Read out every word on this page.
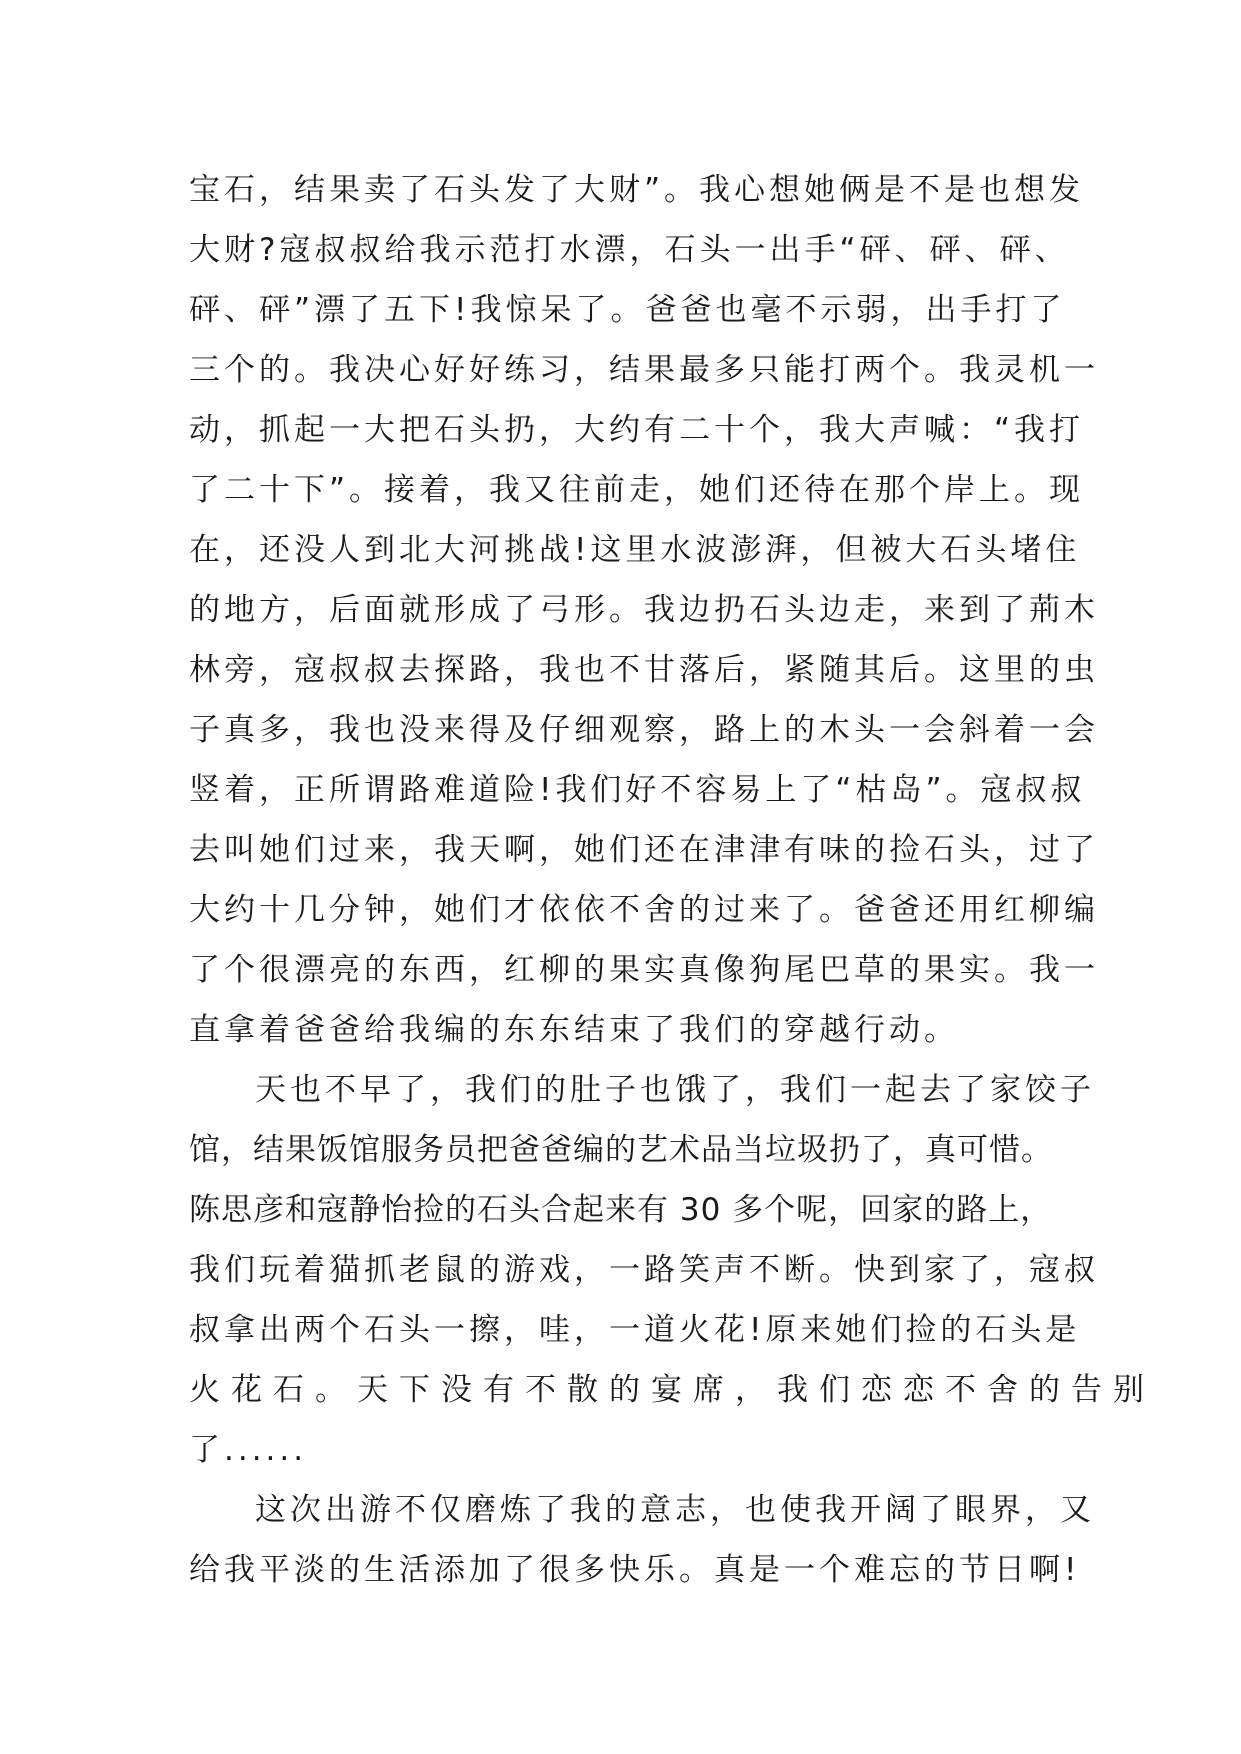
宝石，结果卖了石头发了大财”。我心想她俩是不是也想发
大财?寇叔叔给我示范打水漂，石头一出手“砰、砰、砰、
砰、砰”漂了五下!我惊呆了。爸爸也毫不示弱，出手打了
三个的。我决心好好练习，结果最多只能打两个。我灵机一
动，抓起一大把石头扔，大约有二十个，我大声喊：“我打
了二十下”。接着，我又往前走，她们还待在那个岸上。现
在，还没人到北大河挑战!这里水波澎湃，但被大石头堵住
的地方，后面就形成了弓形。我边扔石头边走，来到了荊木
林旁，寇叔叔去探路，我也不甘落后，紧随其后。这里的虫
子真多，我也没来得及仔细观察，路上的木头一会斜着一会
竖着，正所谓路难道险!我们好不容易上了“枯岛”。寇叔叔
去叫她们过来，我天啊，她们还在津津有味的捡石头，过了
大约十几分钟，她们才依依不舍的过来了。爸爸还用红柳编
了个很漂亮的东西，红柳的果实真像狗尾巴草的果实。我一
直拿着爸爸给我编的东东结束了我们的穿越行动。
天也不早了，我们的肚子也饿了，我们一起去了家饺子
馆，结果饭馆服务员把爸爸编的艺术品当垃圾扔了，真可惜。
陈思彦和寇静怡捡的石头合起来有 30 多个呢，回家的路上，
我们玩着猫抓老鼠的游戏，一路笑声不断。快到家了，寇叔
叔拿出两个石头一擦，哇，一道火花!原来她们捡的石头是
火花石。天下没有不散的宴席，我们恋恋不舍的告别
了......
这次出游不仅磨炼了我的意志，也使我开阔了眼界，又
给我平淡的生活添加了很多快乐。真是一个难忘的节日啊!
